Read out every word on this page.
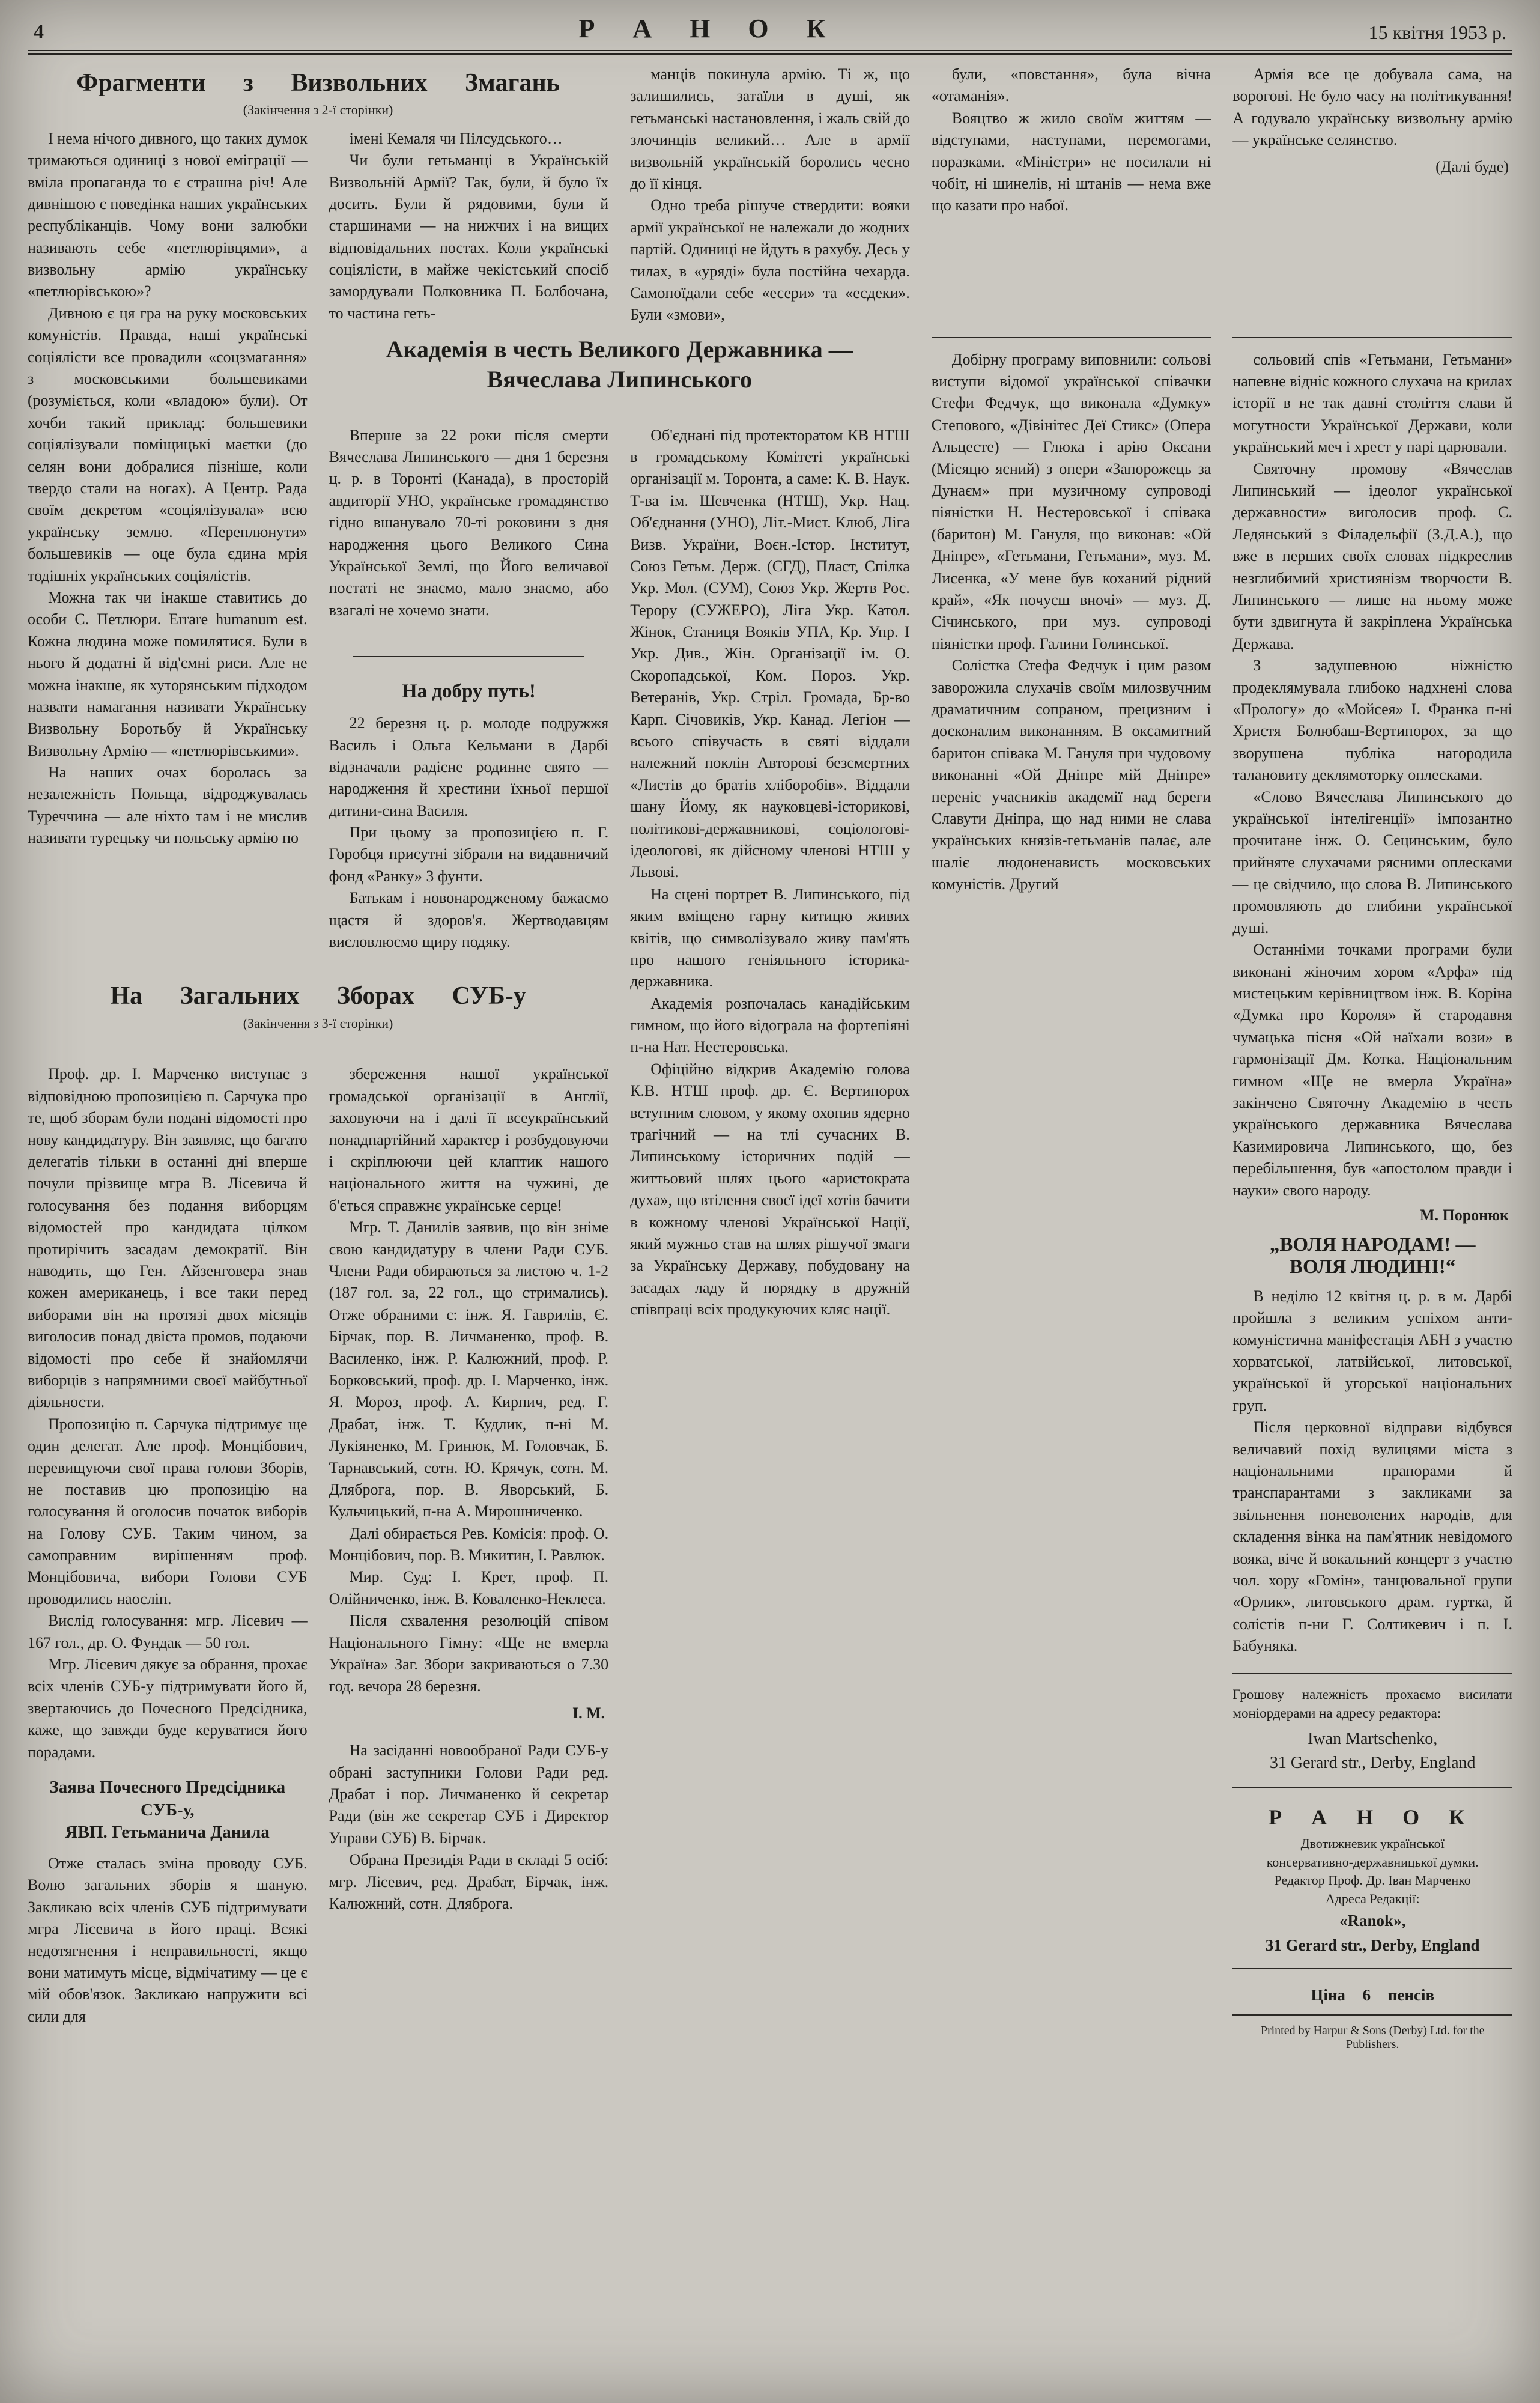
4	Р А Н О К	15 квітня 1953 р.
Фрагменти з Визвольних Змагань
(Закінчення з 2-ї сторінки)

І нема нічого дивного, що таких думок тримаються одиниці з нової еміграції — вміла пропаганда то є страшна річ! Але дивнішою є поведінка наших українських республіканців. Чому вони залюбки називають себе «петлюрівцями», а визвольну армію українську «петлюрівською»?

Дивною є ця гра на руку московських комуністів. Правда, наші українські соціялісти все провадили «соцзмагання» з московськими большевиками (розуміється, коли «владою» були). От хочби такий приклад: большевики соціялізували поміщицькі маєтки (до селян вони добралися пізніше, коли твердо стали на ногах). А Центр. Рада своїм декретом «соціялізувала» всю українську землю. «Переплюнути» большевиків — оце була єдина мрія тодішніх українських соціялістів.

Можна так чи інакше ставитись до особи С. Петлюри. Errare humanum est. Кожна людина може помилятися. Були в нього й додатні й від'ємні риси. Але не можна інакше, як хуторянським підходом назвати намагання називати Українську Визвольну Боротьбу й Українську Визвольну Армію — «петлюрівськими».

На наших очах боролась за незалежність Польща, відроджувалась Туреччина — але ніхто там і не мислив називати турецьку чи польську армію по

імені Кемаля чи Пілсудського…

Чи були гетьманці в Українській Визвольній Армії? Так, були, й було їх досить. Були й рядовими, були й старшинами — на нижчих і на вищих відповідальних постах. Коли українські соціялісти, в майже чекістський спосіб замордували Полковника П. Болбочана, то частина геть-

манців покинула армію. Ті ж, що залишились, затаїли в душі, як гетьманські настановлення, і жаль свій до злочинців великий… Але в армії визвольній українській боролись чесно до її кінця.

Одно треба рішуче ствердити: вояки армії української не належали до жодних партій. Одиниці не йдуть в рахубу. Десь у тилах, в «уряді» була постійна чехарда. Самопоїдали себе «есери» та «есдеки». Були «змови»,

були, «повстання», була вічна «отаманія».

Вояцтво ж жило своїм життям — відступами, наступами, перемогами, поразками. «Міністри» не посилали ні чобіт, ні шинелів, ні штанів — нема вже що казати про набої.

Армія все це добувала сама, на ворогові. Не було часу на політикування! А годувало українську визвольну армію — українське селянство.

(Далі буде)
Академія в честь Великого Державника —
Вячеслава Липинського

Вперше за 22 роки після смерти Вячеслава Липинського — дня 1 березня ц. р. в Торонті (Канада), в просторій авдиторії УНО, українське громадянство гідно вшанувало 70-ті роковини з дня народження цього Великого Сина Української Землі, що Його величавої постаті не знаємо, мало знаємо, або взагалі не хочемо знати.

Об'єднані під протекторатом КВ НТШ в громадському Комітеті українські організації м. Торонта, а саме: К. В. Наук. Т-ва ім. Шевченка (НТШ), Укр. Нац. Об'єднання (УНО), Літ.-Мист. Клюб, Ліга Визв. України, Воєн.-Істор. Інститут, Союз Гетьм. Держ. (СГД), Пласт, Спілка Укр. Мол. (СУМ), Союз Укр. Жертв Рос. Терору (СУЖЕРО), Ліга Укр. Катол. Жінок, Станиця Вояків УПА, Кр. Упр. І Укр. Див., Жін. Організації ім. О. Скоропадської, Ком. Пороз. Укр. Ветеранів, Укр. Стріл. Громада, Бр-во Карп. Січовиків, Укр. Канад. Легіон — всього співучасть в святі віддали належний поклін Авторові безсмертних «Листів до братів хліборобів». Віддали шану Йому, як науковцеві-історикові, політикові-державникові, соціологові-ідеологові, як дійсному членові НТШ у Львові.

На сцені портрет В. Липинського, під яким вміщено гарну китицю живих квітів, що символізувало живу пам'ять про нашого геніяльного історика-державника.

Академія розпочалась канадійським гимном, що його відограла на фортепіяні п-на Нат. Нестеровська.

Офіційно відкрив Академію голова К.В. НТШ проф. др. Є. Вертипорох вступним словом, у якому охопив ядерно трагічний — на тлі сучасних В. Липинському історичних подій — життьовий шлях цього «аристократа духа», що втілення своєї ідеї хотів бачити в кожному членові Української Нації, який мужньо став на шлях рішучої змаги за Українську Державу, побудовану на засадах ладу й порядку в дружній співпраці всіх продукуючих кляс нації.

Добірну програму виповнили: сольові виступи відомої української співачки Стефи Федчук, що виконала «Думку» Степового, «Дівінітес Деї Стикс» (Опера Альцесте) — Глюка і арію Оксани (Місяцю ясний) з опери «Запорожець за Дунаєм» при музичному супроводі піяністки Н. Нестеровської і співака (баритон) М. Гануля, що виконав: «Ой Дніпре», «Гетьмани, Гетьмани», муз. М. Лисенка, «У мене був коханий рідний край», «Як почуєш вночі» — муз. Д. Січинського, при муз. супроводі піяністки проф. Галини Голинської.

Солістка Стефа Федчук і цим разом заворожила слухачів своїм милозвучним драматичним сопраном, прецизним і досконалим виконанням. В оксамитний баритон співака М. Гануля при чудовому виконанні «Ой Дніпре мій Дніпре» переніс учасників академії над береги Славути Дніпра, що над ними не слава українських князів-гетьманів палає, але шаліє людоненависть московських комуністів. Другий

На добру путь!

22 березня ц. р. молоде подружжя Василь і Ольга Кельмани в Дарбі відзначали радісне родинне свято — народження й хрестини їхньої першої дитини-сина Василя.

При цьому за пропозицією п. Г. Горобця присутні зібрали на видавничий фонд «Ранку» 3 фунти.

Батькам і новонародженому бажаємо щастя й здоров'я. Жертводавцям висловлюємо щиру подяку.

На Загальних Зборах СУБ-у
(Закінчення з 3-ї сторінки)

Проф. др. І. Марченко виступає з відповідною пропозицією п. Сарчука про те, щоб зборам були подані відомості про нову кандидатуру. Він заявляє, що багато делегатів тільки в останні дні вперше почули прізвище мгра В. Лісевича й голосування без подання виборцям відомостей про кандидата цілком протирічить засадам демократії. Він наводить, що Ген. Айзенговера знав кожен американець, і все таки перед виборами він на протязі двох місяців виголосив понад двіста промов, подаючи відомості про себе й знайомлячи виборців з напрямними своєї майбутньої діяльности.

Пропозицію п. Сарчука підтримує ще один делегат. Але проф. Монцібович, перевищуючи свої права голови Зборів, не поставив цю пропозицію на голосування й оголосив початок виборів на Голову СУБ. Таким чином, за самоправним вирішенням проф. Монцібовича, вибори Голови СУБ проводились наосліп.

Вислід голосування: мгр. Лісевич — 167 гол., др. О. Фундак — 50 гол.

Мгр. Лісевич дякує за обрання, прохає всіх членів СУБ-у підтримувати його й, звертаючись до Почесного Предсідника, каже, що завжди буде керуватися його порадами.

Заява Почесного Предсідника
СУБ-у,
ЯВП. Гетьманича Данила

Отже сталась зміна проводу СУБ. Волю загальних зборів я шаную. Закликаю всіх членів СУБ підтримувати мгра Лісевича в його праці. Всякі недотягнення і неправильності, якщо вони матимуть місце, відмічатиму — це є мій обов'язок. Закликаю напружити всі сили для

збереження нашої української громадської організації в Англії, заховуючи на і далі її всеукраїнський понадпартійний характер і розбудовуючи і скріплюючи цей клаптик нашого національного життя на чужині, де б'ється справжнє українське серце!

Мгр. Т. Данилів заявив, що він зніме свою кандидатуру в члени Ради СУБ. Члени Ради обираються за листою ч. 1-2 (187 гол. за, 22 гол., що стримались). Отже обраними є: інж. Я. Гаврилів, Є. Бірчак, пор. В. Личманенко, проф. В. Василенко, інж. Р. Калюжний, проф. Р. Борковський, проф. др. І. Марченко, інж. Я. Мороз, проф. А. Кирпич, ред. Г. Драбат, інж. Т. Кудлик, п-ні М. Лукіяненко, М. Гринюк, М. Головчак, Б. Тарнавський, сотн. Ю. Крячук, сотн. М. Дляброга, пор. В. Яворський, Б. Кульчицький, п-на А. Мирошниченко.

Далі обирається Рев. Комісія: проф. О. Монцібович, пор. В. Микитин, І. Равлюк.

Мир. Суд: І. Крет, проф. П. Олійниченко, інж. В. Коваленко-Неклеса.

Після схвалення резолюцій співом Національного Гімну: «Ще не вмерла Україна» Заг. Збори закриваються о 7.30 год. вечора 28 березня.

І. М.

На засіданні новообраної Ради СУБ-у обрані заступники Голови Ради ред. Драбат і пор. Личманенко й секретар Ради (він же секретар СУБ і Директор Управи СУБ) В. Бірчак.

Обрана Президія Ради в складі 5 осіб: мгр. Лісевич, ред. Драбат, Бірчак, інж. Калюжний, сотн. Дляброга.

сольовий спів «Гетьмани, Гетьмани» напевне відніс кожного слухача на крилах історії в не так давні століття слави й могутности Української Держави, коли український меч і хрест у парі царювали.

Святочну промову «Вячеслав Липинський — ідеолог української державности» виголосив проф. С. Ледянський з Філадельфії (З.Д.А.), що вже в перших своїх словах підкреслив незглибимий християнізм творчости В. Липинського — лише на ньому може бути здвигнута й закріплена Українська Держава.

З задушевною ніжністю продеклямувала глибоко надхнені слова «Прологу» до «Мойсея» І. Франка п-ні Христя Болюбаш-Вертипорох, за що зворушена публіка нагородила талановиту деклямоторку оплесками.

«Слово Вячеслава Липинського до української інтелігенції» імпозантно прочитане інж. О. Сецинським, було прийняте слухачами рясними оплесками — це свідчило, що слова В. Липинського промовляють до глибини української душі.

Останніми точками програми були виконані жіночим хором «Арфа» під мистецьким керівництвом інж. В. Коріна «Думка про Короля» й стародавня чумацька пісня «Ой наїхали вози» в гармонізації Дм. Котка. Національним гимном «Ще не вмерла Україна» закінчено Святочну Академію в честь українського державника Вячеслава Казимировича Липинського, що, без перебільшення, був «апостолом правди і науки» свого народу.

М. Поронюк
„ВОЛЯ НАРОДАМ! —
ВОЛЯ ЛЮДИНІ!“

В неділю 12 квітня ц. р. в м. Дарбі пройшла з великим успіхом анти-комуністична маніфестація АБН з участю хорватської, латвійської, литовської, української й угорської національних груп.

Після церковної відправи відбувся величавий похід вулицями міста з національними прапорами й транспарантами з закликами за звільнення поневолених народів, для складення вінка на пам'ятник невідомого вояка, віче й вокальний концерт з участю чол. хору «Гомін», танцювальної групи «Орлик», литовського драм. гуртка, й солістів п-ни Г. Солтикевич і п. І. Бабуняка.

Грошову належність прохаємо висилати моніордерами на адресу редактора:
Iwan Martschenko,
31 Gerard str., Derby, England
Р А Н О К
Двотижневик української
консервативно-державницької думки.
Редактор Проф. Др. Іван Марченко
Адреса Редакції:
«Ranok»,
31 Gerard str., Derby, England
Ціна 6 пенсів
Printed by Harpur & Sons (Derby) Ltd. for the Publishers.
